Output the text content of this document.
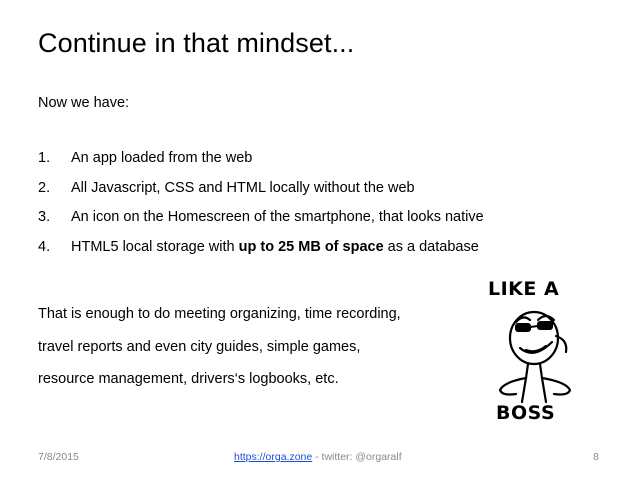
Continue in that mindset...
Now we have:
1.	An app loaded from the web
2.	All Javascript, CSS and HTML locally without the web
3.	An icon on the Homescreen of the smartphone, that looks native
4.	HTML5 local storage with up to 25 MB of space as a database
That is enough to do meeting organizing, time recording,
travel reports and even city guides, simple games,
resource management, drivers‘s logbooks, etc.
LIKE A
BOSS
7/8/2015	https://orga.zone - twitter: @orgaralf	8
